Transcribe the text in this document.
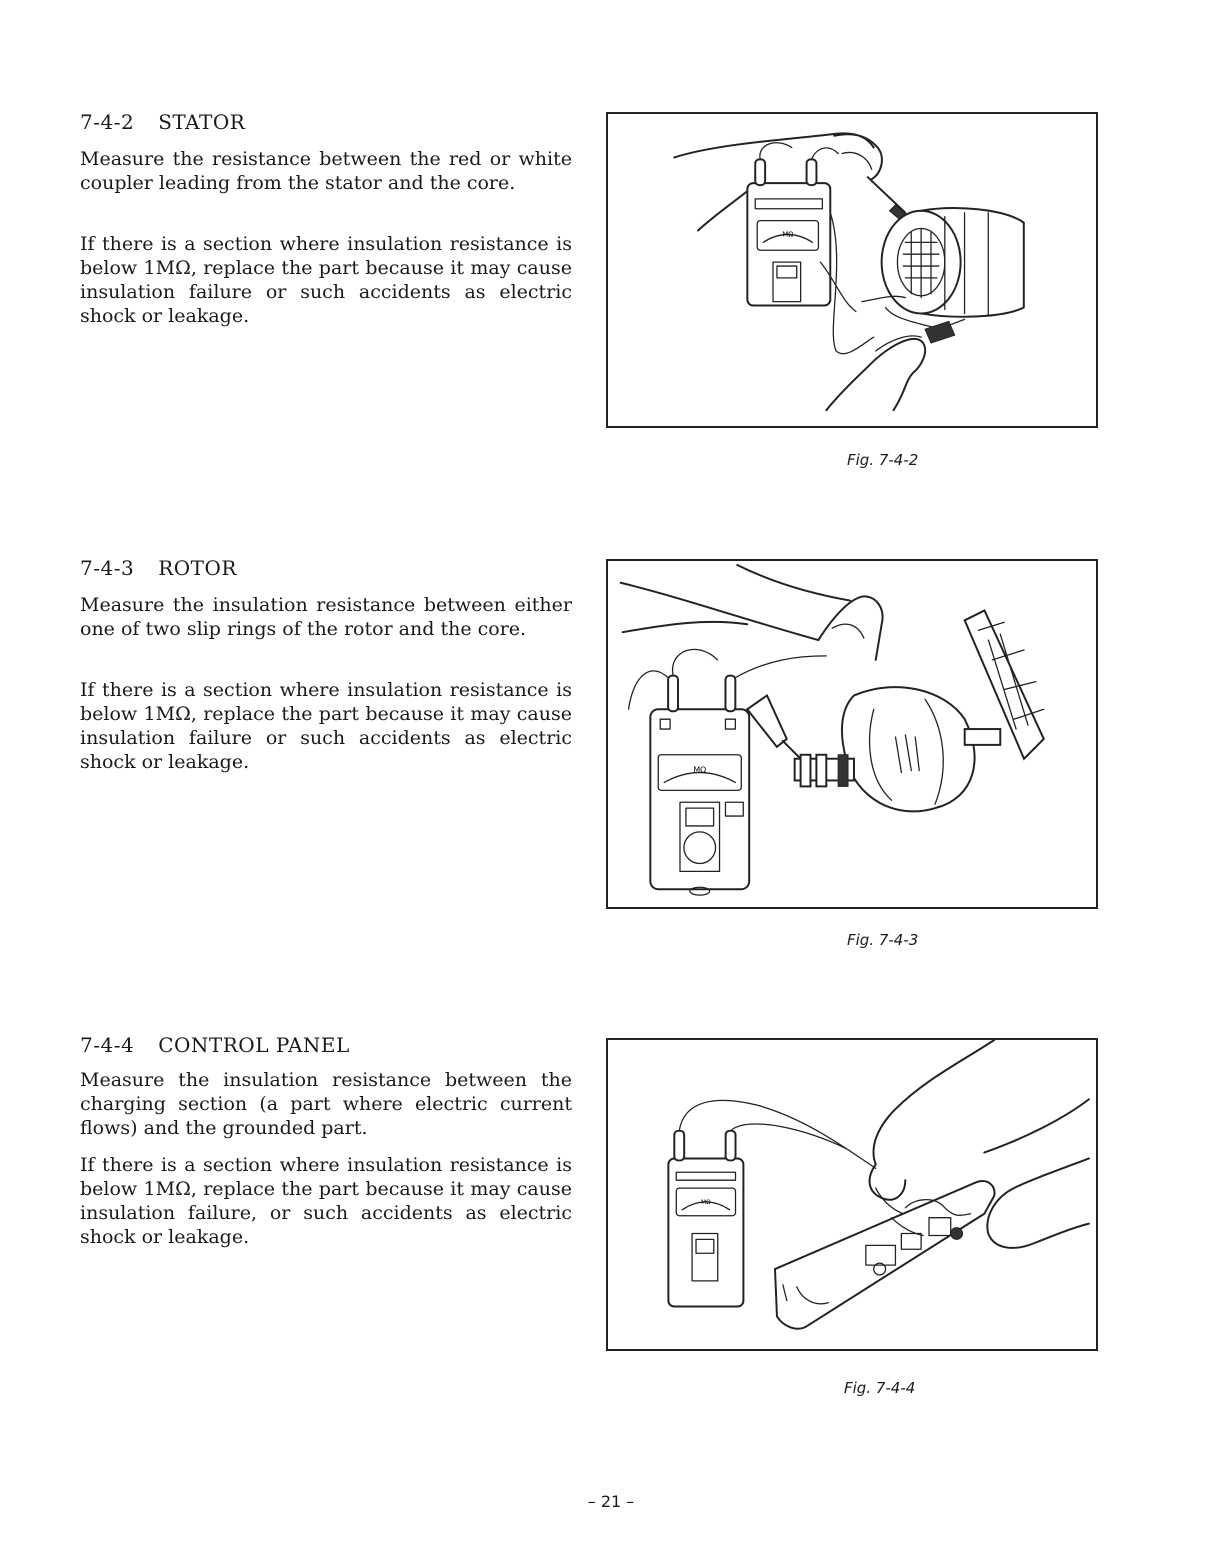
7-4-2 STATOR

Measure the resistance between the red or white coupler leading from the stator and the core.

If there is a section where insulation resistance is below 1MΩ, replace the part because it may cause insulation failure or such accidents as electric shock or leakage.

MΩ
Fig. 7-4-2
7-4-3 ROTOR

Measure the insulation resistance between either one of two slip rings of the rotor and the core.

If there is a section where insulation resistance is below 1MΩ, replace the part because it may cause insulation failure or such accidents as electric shock or leakage.	MΩ
Fig. 7-4-3
7-4-4 CONTROL PANEL

Measure the insulation resistance between the charging section (a part where electric current flows) and the grounded part.

If there is a section where insulation resistance is below 1MΩ, replace the part because it may cause insulation failure, or such accidents as electric shock or leakage.

MΩ
Fig. 7-4-4
– 21 –
